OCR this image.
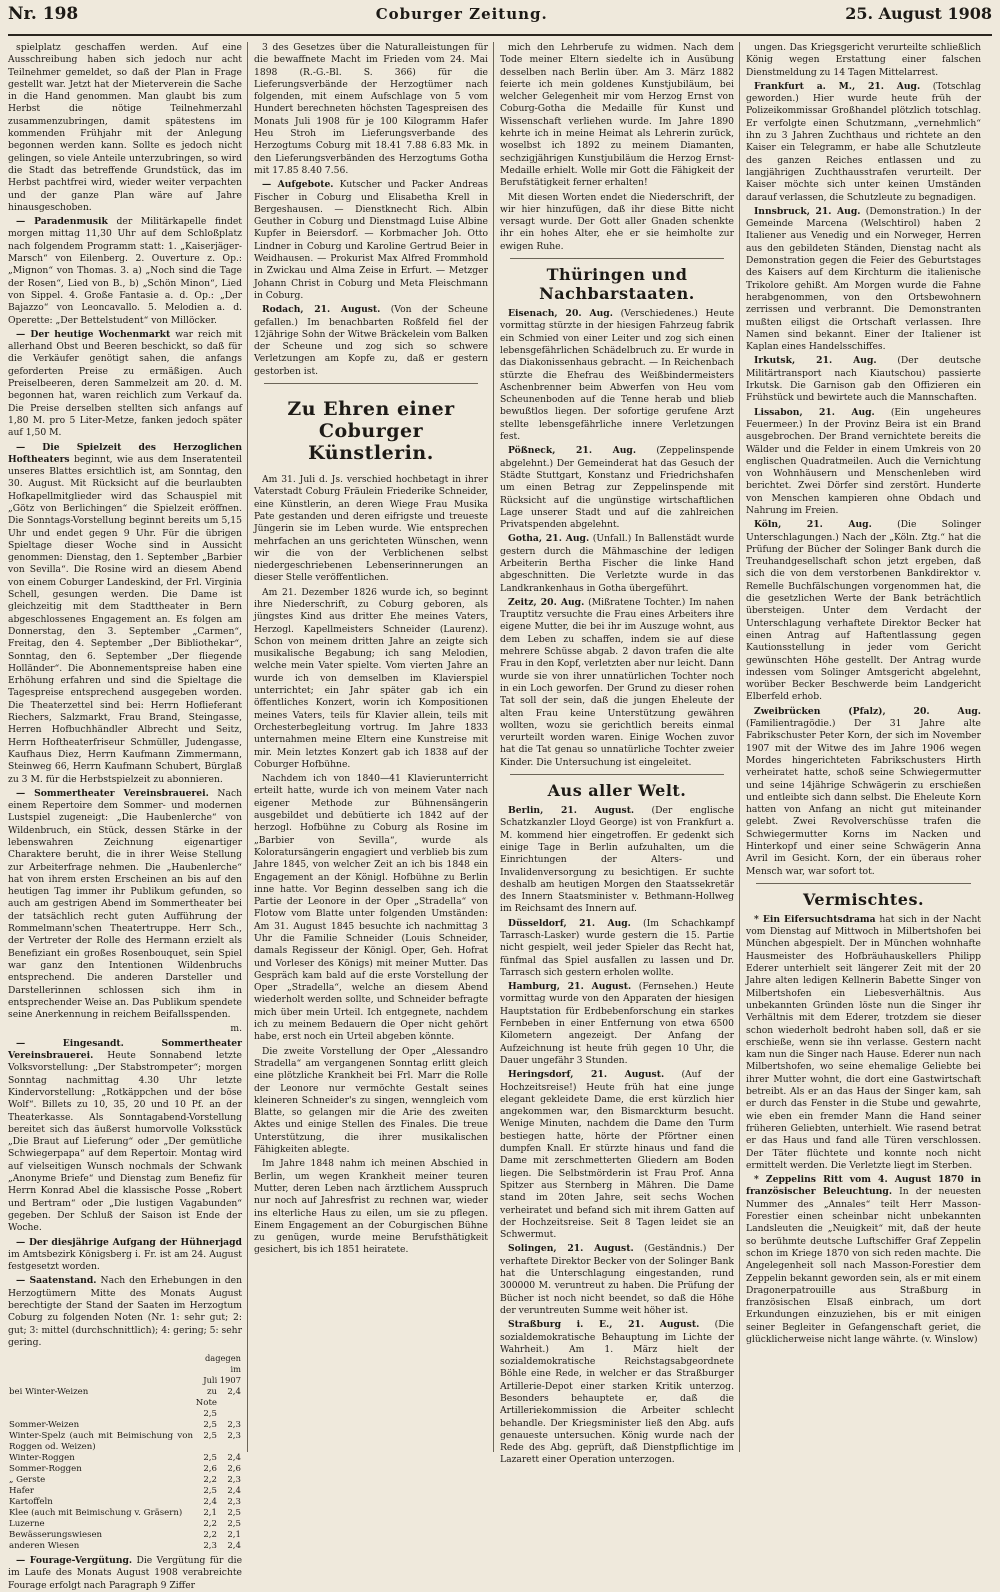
Nr. 198	Coburger Zeitung.	25. August 1908

spielplatz geschaffen werden. Auf eine Ausschreibung haben sich jedoch nur acht Teilnehmer gemeldet, so daß der Plan in Frage gestellt war. Jetzt hat der Mieterverein die Sache in die Hand genommen. Man glaubt bis zum Herbst die nötige Teilnehmerzahl zusammenzubringen, damit spätestens im kommenden Frühjahr mit der Anlegung begonnen werden kann. Sollte es jedoch nicht gelingen, so viele Anteile unterzubringen, so wird die Stadt das betreffende Grundstück, das im Herbst pachtfrei wird, wieder weiter verpachten und der ganze Plan wäre auf Jahre hinausgeschoben.

— Paradenmusik der Militärkapelle findet morgen mittag 11,30 Uhr auf dem Schloßplatz nach folgendem Programm statt: 1. „Kaiserjäger-Marsch“ von Eilenberg. 2. Ouverture z. Op.: „Mignon“ von Thomas. 3. a) „Noch sind die Tage der Rosen“, Lied von B., b) „Schön Minon“, Lied von Sippel. 4. Große Fantasie a. d. Op.: „Der Bajazzo“ von Leoncavallo. 5. Melodien a. d. Operette: „Der Bettelstudent“ von Millöcker.

— Der heutige Wochenmarkt war reich mit allerhand Obst und Beeren beschickt, so daß für die Verkäufer genötigt sahen, die anfangs geforderten Preise zu ermäßigen. Auch Preiselbeeren, deren Sammelzeit am 20. d. M. begonnen hat, waren reichlich zum Verkauf da. Die Preise derselben stellten sich anfangs auf 1,80 M. pro 5 Liter-Metze, fanken jedoch später auf 1,50 M.

— Die Spielzeit des Herzoglichen Hoftheaters beginnt, wie aus dem Inseratenteil unseres Blattes ersichtlich ist, am Sonntag, den 30. August. Mit Rücksicht auf die beurlaubten Hofkapellmitglieder wird das Schauspiel mit „Götz von Berlichingen“ die Spielzeit eröffnen. Die Sonntags-Vorstellung beginnt bereits um 5,15 Uhr und endet gegen 9 Uhr. Für die übrigen Spieltage dieser Woche sind in Aussicht genommen: Dienstag, den 1. September „Barbier von Sevilla“. Die Rosine wird an diesem Abend von einem Coburger Landeskind, der Frl. Virginia Schell, gesungen werden. Die Dame ist gleichzeitig mit dem Stadttheater in Bern abgeschlossenes Engagement an. Es folgen am Donnerstag, den 3. September „Carmen“, Freitag, den 4. September „Der Bibliothekar“, Sonntag, den 6. September „Der fliegende Holländer“. Die Abonnementspreise haben eine Erhöhung erfahren und sind die Spieltage die Tagespreise entsprechend ausgegeben worden. Die Theaterzettel sind bei: Herrn Hoflieferant Riechers, Salzmarkt, Frau Brand, Steingasse, Herren Hofbuchhändler Albrecht und Seitz, Herrn Hoftheaterfriseur Schmüller, Judengasse, Kaufhaus Diez, Herrn Kaufmann Zimmermann, Steinweg 66, Herrn Kaufmann Schubert, Bürglaß zu 3 M. für die Herbstspielzeit zu abonnieren.

— Sommertheater Vereinsbrauerei. Nach einem Repertoire dem Sommer- und modernen Lustspiel zugeneigt: „Die Haubenlerche“ von Wildenbruch, ein Stück, dessen Stärke in der lebenswahren Zeichnung eigenartiger Charaktere beruht, die in ihrer Weise Stellung zur Arbeiterfrage nehmen. Die „Haubenlerche“ hat von ihrem ersten Erscheinen an bis auf den heutigen Tag immer ihr Publikum gefunden, so auch am gestrigen Abend im Sommertheater bei der tatsächlich recht guten Aufführung der Rommelmann'schen Theatertruppe. Herr Sch., der Vertreter der Rolle des Hermann erzielt als Benefiziant ein großes Rosenbouquet, sein Spiel war ganz den Intentionen Wildenbruchs entsprechend. Die anderen Darsteller und Darstellerinnen schlossen sich ihm in entsprechender Weise an. Das Publikum spendete seine Anerkennung in reichem Beifallsspenden.

m.

— Eingesandt. Sommertheater Vereinsbrauerei. Heute Sonnabend letzte Volksvorstellung: „Der Stabstrompeter“; morgen Sonntag nachmittag 4.30 Uhr letzte Kindervorstellung: „Rotkäppchen und der böse Wolf“. Billets zu 10, 35, 20 und 10 Pf. an der Theaterkasse. Als Sonntagabend-Vorstellung bereitet sich das äußerst humorvolle Volksstück „Die Braut auf Lieferung“ oder „Der gemütliche Schwiegerpapa“ auf dem Repertoir. Montag wird auf vielseitigen Wunsch nochmals der Schwank „Anonyme Briefe“ und Dienstag zum Benefiz für Herrn Konrad Abel die klassische Posse „Robert und Bertram“ oder „Die lustigen Vagabunden“ gegeben. Der Schluß der Saison ist Ende der Woche.

— Der diesjährige Aufgang der Hühnerjagd im Amtsbezirk Königsberg i. Fr. ist am 24. August festgesetzt worden.

— Saatenstand. Nach den Erhebungen in den Herzogtümern Mitte des Monats August berechtigte der Stand der Saaten im Herzogtum Coburg zu folgenden Noten (Nr. 1: sehr gut; 2: gut; 3: mittel (durchschnittlich); 4: gering; 5: sehr gering.

	dagegen im
Juli 1907	
bei Winter-Weizen	zu Note 2,5	2,4
Sommer-Weizen	2,5	2,3
Winter-Spelz (auch mit Beimischung von Roggen od. Weizen)	2,5	2,3
Winter-Roggen	2,5	2,4
Sommer-Roggen	2,6	2,6
„ Gerste	2,2	2,3
Hafer	2,5	2,4
Kartoffeln	2,4	2,3
Klee (auch mit Beimischung v. Gräsern)	2,1	2,5
Luzerne	2,2	2,5
Bewässerungswiesen	2,2	2,1
anderen Wiesen	2,3	2,4

— Fourage-Vergütung. Die Vergütung für die im Laufe des Monats August 1908 verabreichte Fourage erfolgt nach Paragraph 9 Ziffer

3 des Gesetzes über die Naturalleistungen für die bewaffnete Macht im Frieden vom 24. Mai 1898 (R.-G.-Bl. S. 366) für die Lieferungsverbände der Herzogtümer nach folgenden, mit einem Aufschlage von 5 vom Hundert berechneten höchsten Tagespreisen des Monats Juli 1908 für je 100 Kilogramm Hafer Heu Stroh im Lieferungsverbande des Herzogtums Coburg mit 18.41 7.88 6.83 Mk. in den Lieferungsverbänden des Herzogtums Gotha mit 17.85 8.40 7.56.

— Aufgebote. Kutscher und Packer Andreas Fischer in Coburg und Elisabetha Krell in Bergeshausen. — Dienstknecht Rich. Albin Geuther in Coburg und Dienstmagd Luise Albine Kupfer in Beiersdorf. — Korbmacher Joh. Otto Lindner in Coburg und Karoline Gertrud Beier in Weidhausen. — Prokurist Max Alfred Frommhold in Zwickau und Alma Zeise in Erfurt. — Metzger Johann Christ in Coburg und Meta Fleischmann in Coburg.

Rodach, 21. August. (Von der Scheune gefallen.) Im benachbarten Roßfeld fiel der 12jährige Sohn der Witwe Bräckelein vom Balken der Scheune und zog sich so schwere Verletzungen am Kopfe zu, daß er gestern gestorben ist.

Zu Ehren einer Coburger Künstlerin.

Am 31. Juli d. Js. verschied hochbetagt in ihrer Vaterstadt Coburg Fräulein Friederike Schneider, eine Künstlerin, an deren Wiege Frau Musika Pate gestanden und deren eifrigste und treueste Jüngerin sie im Leben wurde. Wie entsprechen mehrfachen an uns gerichteten Wünschen, wenn wir die von der Verblichenen selbst niedergeschriebenen Lebenserinnerungen an dieser Stelle veröffentlichen.

Am 21. Dezember 1826 wurde ich, so beginnt ihre Niederschrift, zu Coburg geboren, als jüngstes Kind aus dritter Ehe meines Vaters, Herzogl. Kapellmeisters Schneider (Laurenz). Schon von meinem dritten Jahre an zeigte sich musikalische Begabung; ich sang Melodien, welche mein Vater spielte. Vom vierten Jahre an wurde ich von demselben im Klavierspiel unterrichtet; ein Jahr später gab ich ein öffentliches Konzert, worin ich Kompositionen meines Vaters, teils für Klavier allein, teils mit Orchesterbegleitung vortrug. Im Jahre 1833 unternahmen meine Eltern eine Kunstreise mit mir. Mein letztes Konzert gab ich 1838 auf der Coburger Hofbühne.

Nachdem ich von 1840—41 Klavierunterricht erteilt hatte, wurde ich von meinem Vater nach eigener Methode zur Bühnensängerin ausgebildet und debütierte ich 1842 auf der herzogl. Hofbühne zu Coburg als Rosine im „Barbier von Sevilla“, wurde als Koloratursängerin engagiert und verblieb bis zum Jahre 1845, von welcher Zeit an ich bis 1848 ein Engagement an der Königl. Hofbühne zu Berlin inne hatte. Vor Beginn desselben sang ich die Partie der Leonore in der Oper „Stradella“ von Flotow vom Blatte unter folgenden Umständen: Am 31. August 1845 besuchte ich nachmittag 3 Uhr die Familie Schneider (Louis Schneider, damals Regisseur der Königl. Oper, Geh. Hofrat und Vorleser des Königs) mit meiner Mutter. Das Gespräch kam bald auf die erste Vorstellung der Oper „Stradella“, welche an diesem Abend wiederholt werden sollte, und Schneider befragte mich über mein Urteil. Ich entgegnete, nachdem ich zu meinem Bedauern die Oper nicht gehört habe, erst noch ein Urteil abgeben könnte.

Die zweite Vorstellung der Oper „Alessandro Stradella“ am vergangenen Sonntag erlitt gleich eine plötzliche Krankheit bei Frl. Marr die Rolle der Leonore nur vermöchte Gestalt seines kleineren Schneider's zu singen, wenngleich vom Blatte, so gelangen mir die Arie des zweiten Aktes und einige Stellen des Finales. Die treue Unterstützung, die ihrer musikalischen Fähigkeiten ablegte.

Im Jahre 1848 nahm ich meinen Abschied in Berlin, um wegen Krankheit meiner teuren Mutter, deren Leben nach ärztlichem Ausspruch nur noch auf Jahresfrist zu rechnen war, wieder ins elterliche Haus zu eilen, um sie zu pflegen. Einem Engagement an der Coburgischen Bühne zu genügen, wurde meine Berufsthätigkeit gesichert, bis ich 1851 heiratete.

mich den Lehrberufe zu widmen. Nach dem Tode meiner Eltern siedelte ich in Ausübung desselben nach Berlin über. Am 3. März 1882 feierte ich mein goldenes Kunstjubiläum, bei welcher Gelegenheit mir vom Herzog Ernst von Coburg-Gotha die Medaille für Kunst und Wissenschaft verliehen wurde. Im Jahre 1890 kehrte ich in meine Heimat als Lehrerin zurück, woselbst ich 1892 zu meinem Diamanten, sechzigjährigen Kunstjubiläum die Herzog Ernst-Medaille erhielt. Wolle mir Gott die Fähigkeit der Berufstätigkeit ferner erhalten!

Mit diesen Worten endet die Niederschrift, der wir hier hinzufügen, daß ihr diese Bitte nicht versagt wurde. Der Gott aller Gnaden schenkte ihr ein hohes Alter, ehe er sie heimholte zur ewigen Ruhe.

Thüringen und Nachbarstaaten.

Eisenach, 20. Aug. (Verschiedenes.) Heute vormittag stürzte in der hiesigen Fahrzeug fabrik ein Schmied von einer Leiter und zog sich einen lebensgefährlichen Schädelbruch zu. Er wurde in das Diakonissenhaus gebracht. — In Reichenbach stürzte die Ehefrau des Weißbindermeisters Aschenbrenner beim Abwerfen von Heu vom Scheunenboden auf die Tenne herab und blieb bewußtlos liegen. Der sofortige gerufene Arzt stellte lebensgefährliche innere Verletzungen fest.

Pößneck, 21. Aug. (Zeppelinspende abgelehnt.) Der Gemeinderat hat das Gesuch der Städte Stuttgart, Konstanz und Friedrichshafen um einen Betrag zur Zeppelinspende mit Rücksicht auf die ungünstige wirtschaftlichen Lage unserer Stadt und auf die zahlreichen Privatspenden abgelehnt.

Gotha, 21. Aug. (Unfall.) In Ballenstädt wurde gestern durch die Mähmaschine der ledigen Arbeiterin Bertha Fischer die linke Hand abgeschnitten. Die Verletzte wurde in das Landkrankenhaus in Gotha übergeführt.

Zeitz, 20. Aug. (Mißratene Tochter.) Im nahen Trauptitz versuchte die Frau eines Arbeiters ihre eigene Mutter, die bei ihr im Auszuge wohnt, aus dem Leben zu schaffen, indem sie auf diese mehrere Schüsse abgab. 2 davon trafen die alte Frau in den Kopf, verletzten aber nur leicht. Dann wurde sie von ihrer unnatürlichen Tochter noch in ein Loch geworfen. Der Grund zu dieser rohen Tat soll der sein, daß die jungen Eheleute der alten Frau keine Unterstützung gewähren wollten, wozu sie gerichtlich bereits einmal verurteilt worden waren. Einige Wochen zuvor hat die Tat genau so unnatürliche Tochter zweier Kinder. Die Untersuchung ist eingeleitet.

Aus aller Welt.

Berlin, 21. August. (Der englische Schatzkanzler Lloyd George) ist von Frankfurt a. M. kommend hier eingetroffen. Er gedenkt sich einige Tage in Berlin aufzuhalten, um die Einrichtungen der Alters- und Invalidenversorgung zu besichtigen. Er suchte deshalb am heutigen Morgen den Staatssekretär des Innern Staatsminister v. Bethmann-Hollweg im Reichsamt des Innern auf.

Düsseldorf, 21. Aug. (Im Schachkampf Tarrasch-Lasker) wurde gestern die 15. Partie nicht gespielt, weil jeder Spieler das Recht hat, fünfmal das Spiel ausfallen zu lassen und Dr. Tarrasch sich gestern erholen wollte.

Hamburg, 21. August. (Fernsehen.) Heute vormittag wurde von den Apparaten der hiesigen Hauptstation für Erdbebenforschung ein starkes Fernbeben in einer Entfernung von etwa 6500 Kilometern angezeigt. Der Anfang der Aufzeichnung ist heute früh gegen 10 Uhr, die Dauer ungefähr 3 Stunden.

Heringsdorf, 21. August. (Auf der Hochzeitsreise!) Heute früh hat eine junge elegant gekleidete Dame, die erst kürzlich hier angekommen war, den Bismarckturm besucht. Wenige Minuten, nachdem die Dame den Turm bestiegen hatte, hörte der Pförtner einen dumpfen Knall. Er stürzte hinaus und fand die Dame mit zerschmetterten Gliedern am Boden liegen. Die Selbstmörderin ist Frau Prof. Anna Spitzer aus Sternberg in Mähren. Die Dame stand im 20ten Jahre, seit sechs Wochen verheiratet und befand sich mit ihrem Gatten auf der Hochzeitsreise. Seit 8 Tagen leidet sie an Schwermut.

Solingen, 21. August. (Geständnis.) Der verhaftete Direktor Becker von der Solinger Bank hat die Unterschlagung eingestanden, rund 300000 M. veruntreut zu haben. Die Prüfung der Bücher ist noch nicht beendet, so daß die Höhe der veruntreuten Summe weit höher ist.

Straßburg i. E., 21. August. (Die sozialdemokratische Behauptung im Lichte der Wahrheit.) Am 1. März hielt der sozialdemokratische Reichstagsabgeordnete Böhle eine Rede, in welcher er das Straßburger Artillerie-Depot einer starken Kritik unterzog. Besonders behauptete er, daß die Artilleriekommission die Arbeiter schlecht behandle. Der Kriegsminister ließ den Abg. aufs genaueste untersuchen. König wurde nach der Rede des Abg. geprüft, daß Dienstpflichtige im Lazarett einer Operation unterzogen.

ungen. Das Kriegsgericht verurteilte schließlich König wegen Erstattung einer falschen Dienstmeldung zu 14 Tagen Mittelarrest.

Frankfurt a. M., 21. Aug. (Totschlag geworden.) Hier wurde heute früh der Polizeikommissar Großhandel plötzlich totschlag. Er verfolgte einen Schutzmann, „vernehmlich“ ihn zu 3 Jahren Zuchthaus und richtete an den Kaiser ein Telegramm, er habe alle Schutzleute des ganzen Reiches entlassen und zu langjährigen Zuchthausstrafen verurteilt. Der Kaiser möchte sich unter keinen Umständen darauf verlassen, die Schutzleute zu begnadigen.

Innsbruck, 21. Aug. (Demonstration.) In der Gemeinde Marcena (Welschtirol) haben 2 Italiener aus Venedig und ein Norweger, Herren aus den gebildeten Ständen, Dienstag nacht als Demonstration gegen die Feier des Geburtstages des Kaisers auf dem Kirchturm die italienische Trikolore gehißt. Am Morgen wurde die Fahne herabgenommen, von den Ortsbewohnern zerrissen und verbrannt. Die Demonstranten mußten eiligst die Ortschaft verlassen. Ihre Namen sind bekannt. Einer der Italiener ist Kaplan eines Handelsschiffes.

Irkutsk, 21. Aug. (Der deutsche Militärtransport nach Kiautschou) passierte Irkutsk. Die Garnison gab den Offizieren ein Frühstück und bewirtete auch die Mannschaften.

Lissabon, 21. Aug. (Ein ungeheures Feuermeer.) In der Provinz Beira ist ein Brand ausgebrochen. Der Brand vernichtete bereits die Wälder und die Felder in einem Umkreis von 20 englischen Quadratmeilen. Auch die Vernichtung von Wohnhäusern und Menschenleben wird berichtet. Zwei Dörfer sind zerstört. Hunderte von Menschen kampieren ohne Obdach und Nahrung im Freien.

Köln, 21. Aug.	(Die Solinger Unterschlagungen.) Nach der „Köln. Ztg.“ hat die Prüfung der Bücher der Solinger Bank durch die Treuhandgesellschaft schon jetzt ergeben, daß sich die von dem verstorbenen Bankdirektor v. Remelle Buchfälschungen vorgenommen hat, die die gesetzlichen Werte der Bank beträchtlich übersteigen. Unter dem Verdacht der Unterschlagung verhaftete Direktor Becker hat einen Antrag auf Haftentlassung gegen Kautionsstellung in jeder vom Gericht gewünschten Höhe gestellt. Der Antrag wurde indessen vom Solinger Amtsgericht abgelehnt, worüber Becker Beschwerde beim Landgericht Elberfeld erhob.

Zweibrücken (Pfalz), 20. Aug. (Familientragödie.) Der 31 Jahre alte Fabrikschuster Peter Korn, der sich im November 1907 mit der Witwe des im Jahre 1906 wegen Mordes hingerichteten Fabrikschusters Hirth verheiratet hatte, schoß seine Schwiegermutter und seine 14jährige Schwägerin zu erschießen und entleibte sich dann selbst. Die Eheleute Korn hatten von Anfang an nicht gut miteinander gelebt. Zwei Revolverschüsse trafen die Schwiegermutter Korns im Nacken und Hinterkopf und einer seine Schwägerin Anna Avril im Gesicht. Korn, der ein überaus roher Mensch war, war sofort tot.

Vermischtes.

* Ein Eifersuchtsdrama hat sich in der Nacht vom Dienstag auf Mittwoch in Milbertshofen bei München abgespielt. Der in München wohnhafte Hausmeister des Hofbräuhauskellers Philipp Ederer unterhielt seit längerer Zeit mit der 20 Jahre alten ledigen Kellnerin Babette Singer von Milbertshofen ein Liebesverhältnis. Aus unbekannten Gründen löste nun die Singer ihr Verhältnis mit dem Ederer, trotzdem sie dieser schon wiederholt bedroht haben soll, daß er sie erschieße, wenn sie ihn verlasse. Gestern nacht kam nun die Singer nach Hause. Ederer nun nach Milbertshofen, wo seine ehemalige Geliebte bei ihrer Mutter wohnt, die dort eine Gastwirtschaft betreibt. Als er an das Haus der Singer kam, sah er durch das Fenster in die Stube und gewahrte, wie eben ein fremder Mann die Hand seiner früheren Geliebten, unterhielt. Wie rasend betrat er das Haus und fand alle Türen verschlossen. Der Täter flüchtete und konnte noch nicht ermittelt werden. Die Verletzte liegt im Sterben.

* Zeppelins Ritt vom 4. August 1870 in französischer Beleuchtung. In der neuesten Nummer des „Annales“ teilt Herr Masson-Forestier einen scheinbar nicht unbekannten Landsleuten die „Neuigkeit“ mit, daß der heute so berühmte deutsche Luftschiffer Graf Zeppelin schon im Kriege 1870 von sich reden machte. Die Angelegenheit soll nach Masson-Forestier dem Zeppelin bekannt geworden sein, als er mit einem Dragonerpatrouille aus Straßburg in französischen Elsaß einbrach, um dort Erkundungen einzuziehen, bis er mit einigen seiner Begleiter in Gefangenschaft geriet, die glücklicherweise nicht lange währte. (v. Winslow)
